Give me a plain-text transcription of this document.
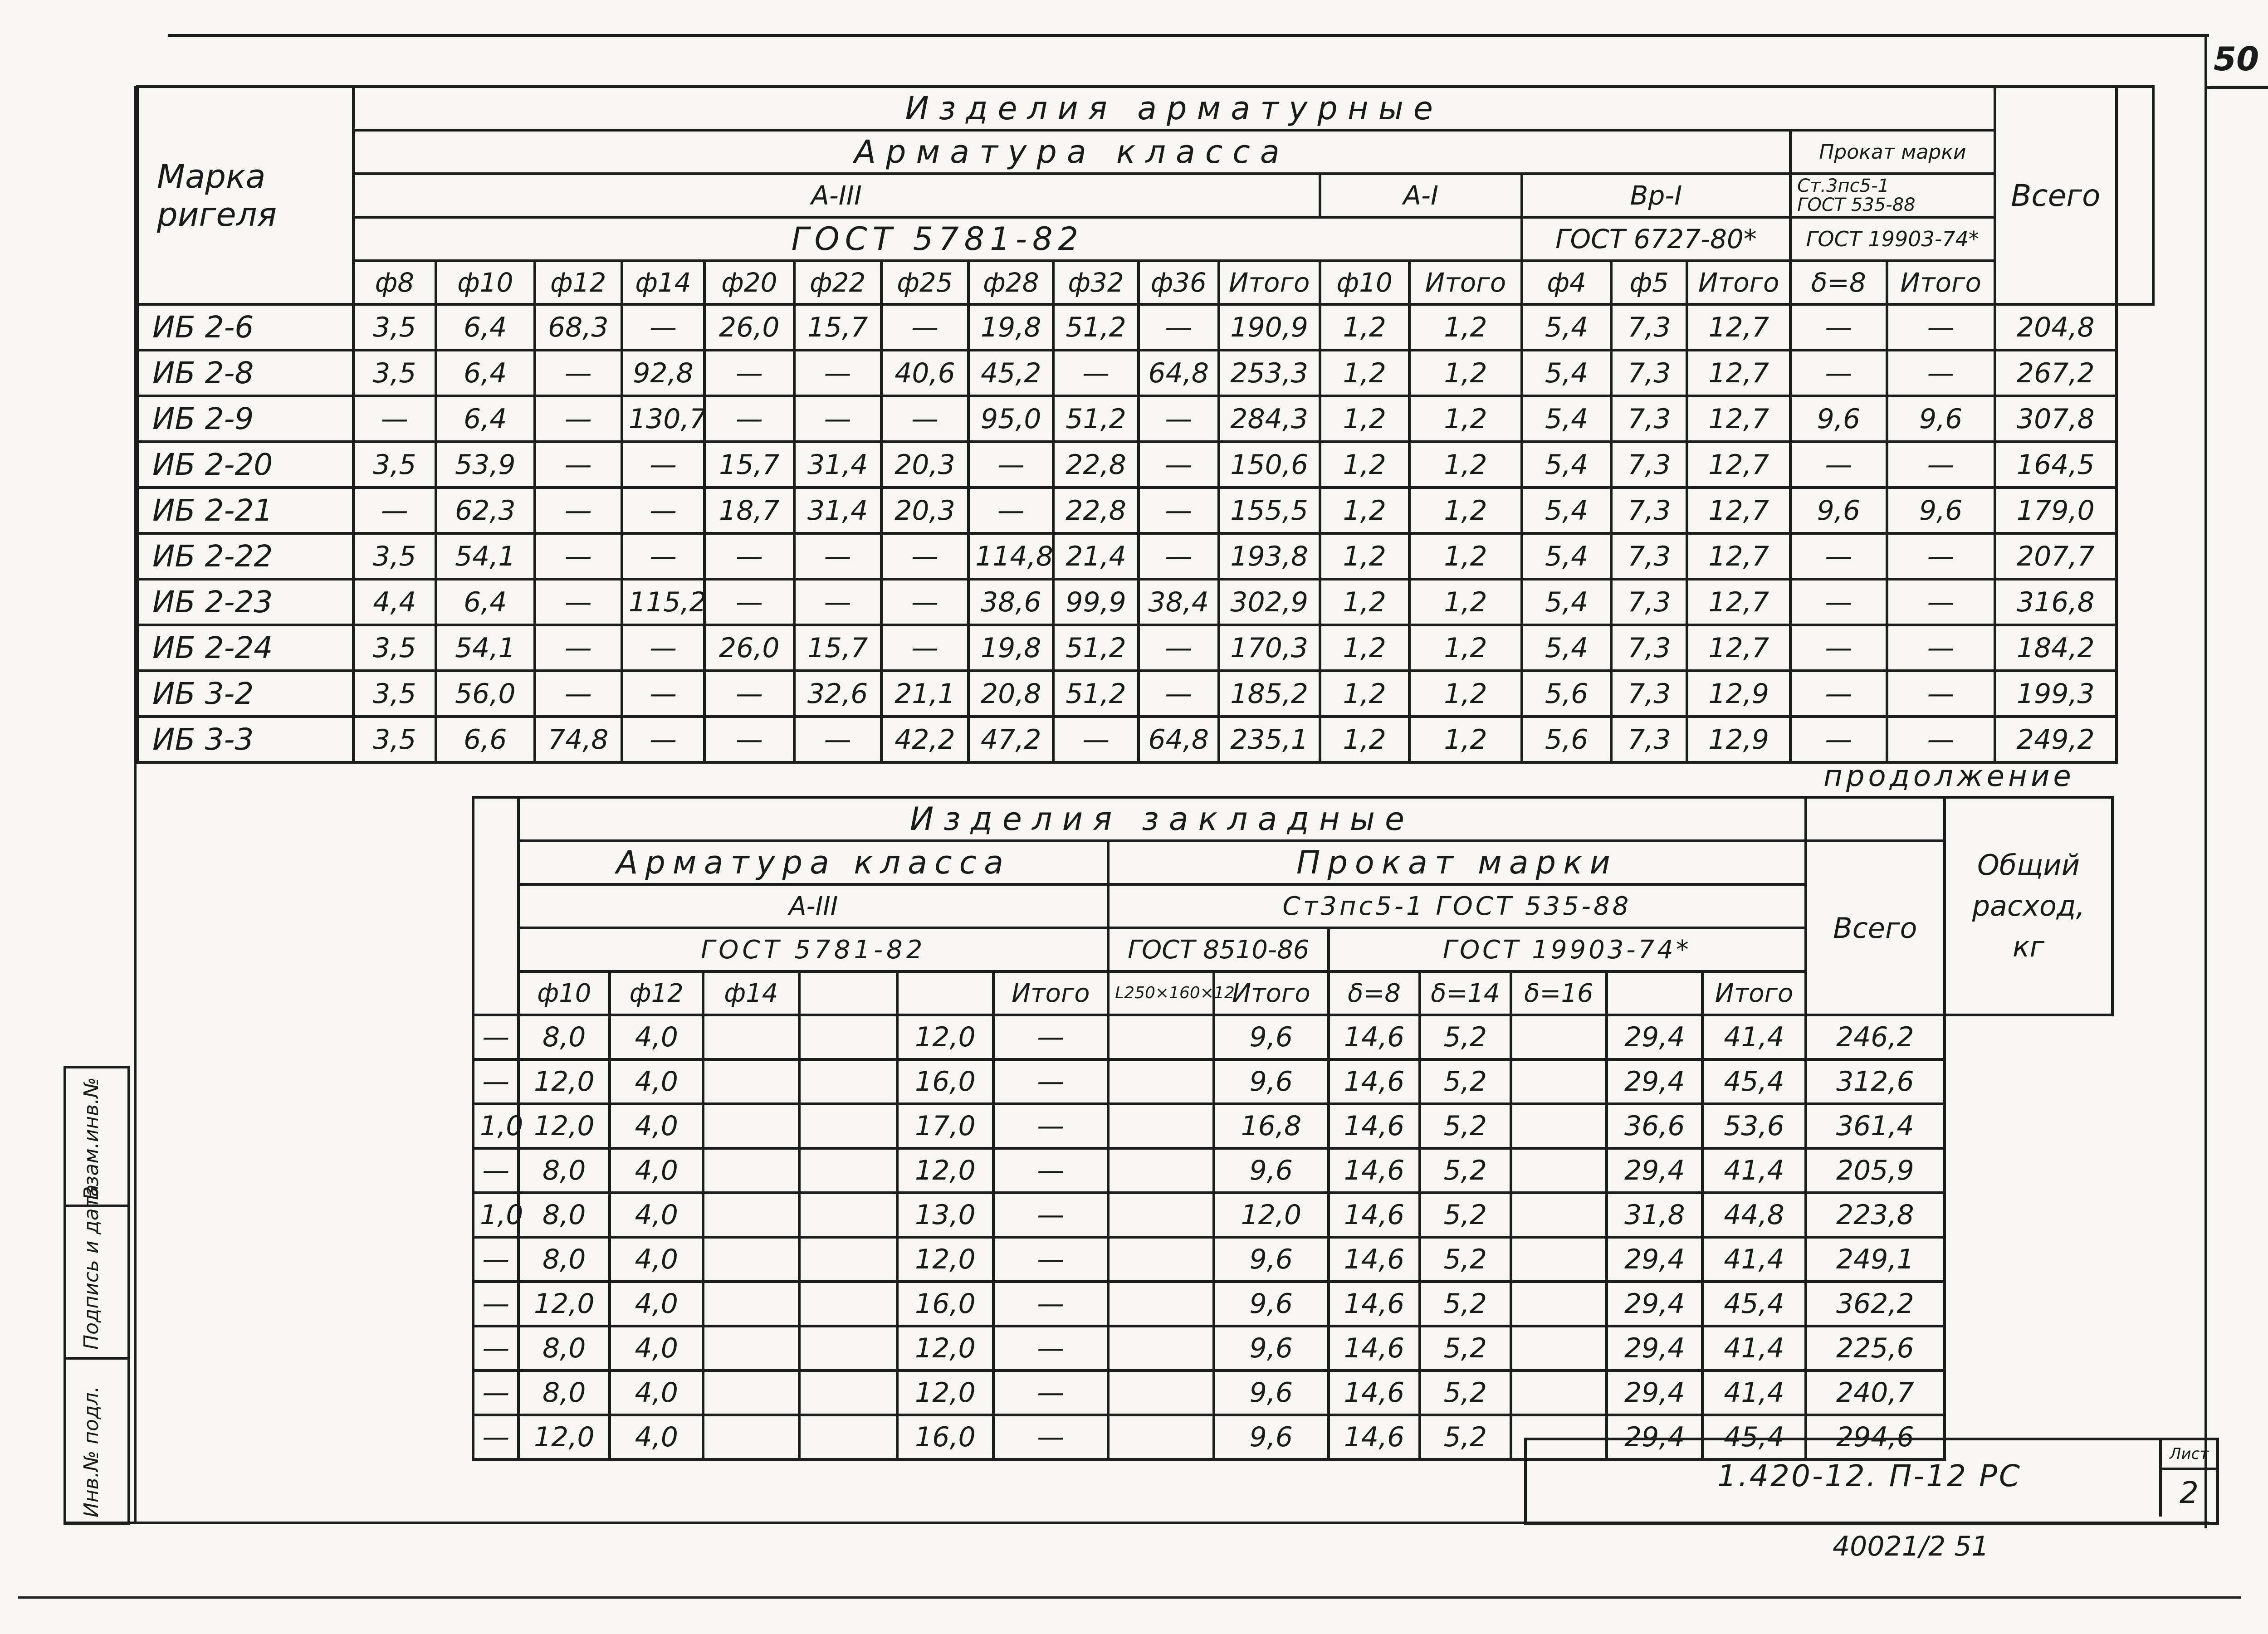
50
Марка ригеля	Изделия арматурные																		Всего	
	Арматура класса																Прокат марки			
	A-III											A-I		Bp-I			Ст.3пс5-1
ГОСТ 535-88			

	ГОСТ 5781-82													ГОСТ 6727-80*			ГОСТ 19903-74*			
	ф8	ф10	ф12	ф14	ф20	ф22	ф25	ф28	ф32	ф36	Итого	ф10	Итого	ф4	ф5	Итого	δ=8	Итого		
ИБ 2-6	3,5	6,4	68,3	—	26,0	15,7	—	19,8	51,2	—	190,9	1,2	1,2	5,4	7,3	12,7	—	—	204,8	
ИБ 2-8	3,5	6,4	—	92,8	—	—	40,6	45,2	—	64,8	253,3	1,2	1,2	5,4	7,3	12,7	—	—	267,2	
ИБ 2-9	—	6,4	—	130,7	—	—	—	95,0	51,2	—	284,3	1,2	1,2	5,4	7,3	12,7	9,6	9,6	307,8	
ИБ 2-20	3,5	53,9	—	—	15,7	31,4	20,3	—	22,8	—	150,6	1,2	1,2	5,4	7,3	12,7	—	—	164,5	
ИБ 2-21	—	62,3	—	—	18,7	31,4	20,3	—	22,8	—	155,5	1,2	1,2	5,4	7,3	12,7	9,6	9,6	179,0	
ИБ 2-22	3,5	54,1	—	—	—	—	—	114,8	21,4	—	193,8	1,2	1,2	5,4	7,3	12,7	—	—	207,7	
ИБ 2-23	4,4	6,4	—	115,2	—	—	—	38,6	99,9	38,4	302,9	1,2	1,2	5,4	7,3	12,7	—	—	316,8	
ИБ 2-24	3,5	54,1	—	—	26,0	15,7	—	19,8	51,2	—	170,3	1,2	1,2	5,4	7,3	12,7	—	—	184,2	
ИБ 3-2	3,5	56,0	—	—	—	32,6	21,1	20,8	51,2	—	185,2	1,2	1,2	5,6	7,3	12,9	—	—	199,3	
ИБ 3-3	3,5	6,6	74,8	—	—	—	42,2	47,2	—	64,8	235,1	1,2	1,2	5,6	7,3	12,9	—	—	249,2	
продолжение
	Изделия закладные														Общий расход,
кг

	Арматура класса						Прокат марки							Всего	
	A-III						Ст3пс5-1 ГОСТ 535-88								
	ГОСТ 5781-82						ГОСТ 8510-86		ГОСТ 19903-74*						
	ф10	ф12	ф14			Итого	L250×160×12	Итого	δ=8	δ=14	δ=16		Итого		
—	8,0	4,0			12,0	—		9,6	14,6	5,2		29,4	41,4	246,2	
—	12,0	4,0			16,0	—		9,6	14,6	5,2		29,4	45,4	312,6	
1,0	12,0	4,0			17,0	—		16,8	14,6	5,2		36,6	53,6	361,4	
—	8,0	4,0			12,0	—		9,6	14,6	5,2		29,4	41,4	205,9	
1,0	8,0	4,0			13,0	—		12,0	14,6	5,2		31,8	44,8	223,8	
—	8,0	4,0			12,0	—		9,6	14,6	5,2		29,4	41,4	249,1	
—	12,0	4,0			16,0	—		9,6	14,6	5,2		29,4	45,4	362,2	
—	8,0	4,0			12,0	—		9,6	14,6	5,2		29,4	41,4	225,6	
—	8,0	4,0			12,0	—		9,6	14,6	5,2		29,4	41,4	240,7	
—	12,0	4,0			16,0	—		9,6	14,6	5,2		29,4	45,4	294,6	
Взам.инв.№
Подпись и дата
Инв.№ подл.	1.420-12. П-12 РС
Лист
2
40021/2 51
